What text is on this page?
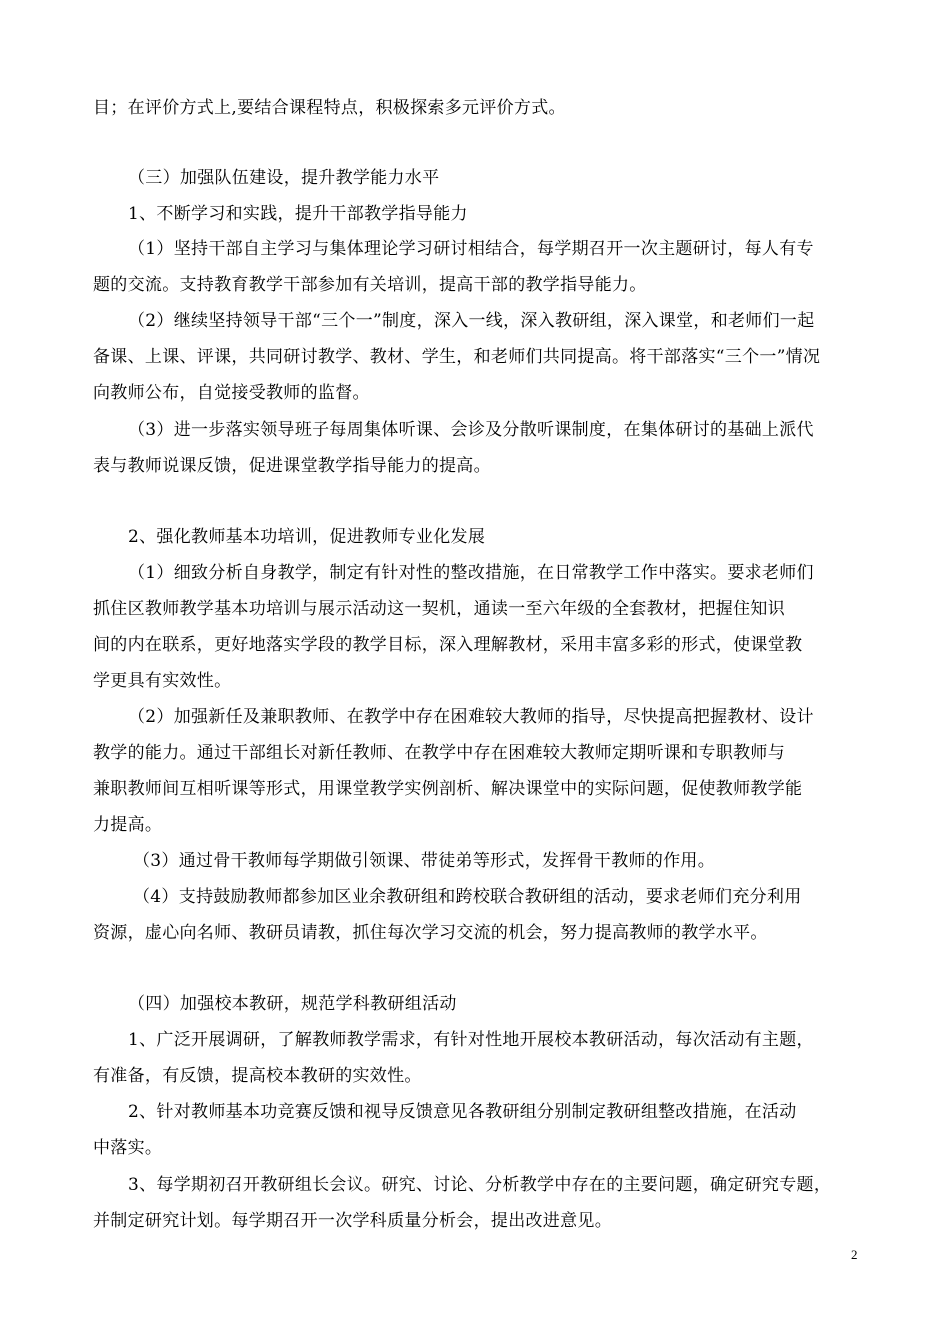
目；在评价方式上,要结合课程特点，积极探索多元评价方式。
（三）加强队伍建设，提升教学能力水平
1、不断学习和实践，提升干部教学指导能力
（1）坚持干部自主学习与集体理论学习研讨相结合，每学期召开一次主题研讨，每人有专
题的交流。支持教育教学干部参加有关培训，提高干部的教学指导能力。
（2）继续坚持领导干部“三个一”制度，深入一线，深入教研组，深入课堂，和老师们一起
备课、上课、评课，共同研讨教学、教材、学生，和老师们共同提高。将干部落实“三个一”情况
向教师公布，自觉接受教师的监督。
（3）进一步落实领导班子每周集体听课、会诊及分散听课制度，在集体研讨的基础上派代
表与教师说课反馈，促进课堂教学指导能力的提高。
2、强化教师基本功培训，促进教师专业化发展
（1）细致分析自身教学，制定有针对性的整改措施，在日常教学工作中落实。要求老师们
抓住区教师教学基本功培训与展示活动这一契机，通读一至六年级的全套教材，把握住知识
间的内在联系，更好地落实学段的教学目标，深入理解教材，采用丰富多彩的形式，使课堂教
学更具有实效性。
（2）加强新任及兼职教师、在教学中存在困难较大教师的指导，尽快提高把握教材、设计
教学的能力。通过干部组长对新任教师、在教学中存在困难较大教师定期听课和专职教师与
兼职教师间互相听课等形式，用课堂教学实例剖析、解决课堂中的实际问题，促使教师教学能
力提高。
（3）通过骨干教师每学期做引领课、带徒弟等形式，发挥骨干教师的作用。
（4）支持鼓励教师都参加区业余教研组和跨校联合教研组的活动，要求老师们充分利用
资源，虚心向名师、教研员请教，抓住每次学习交流的机会，努力提高教师的教学水平。
（四）加强校本教研，规范学科教研组活动
1、广泛开展调研，了解教师教学需求，有针对性地开展校本教研活动，每次活动有主题，
有准备，有反馈，提高校本教研的实效性。
2、针对教师基本功竞赛反馈和视导反馈意见各教研组分别制定教研组整改措施，在活动
中落实。
3、每学期初召开教研组长会议。研究、讨论、分析教学中存在的主要问题，确定研究专题，
并制定研究计划。每学期召开一次学科质量分析会，提出改进意见。
2
